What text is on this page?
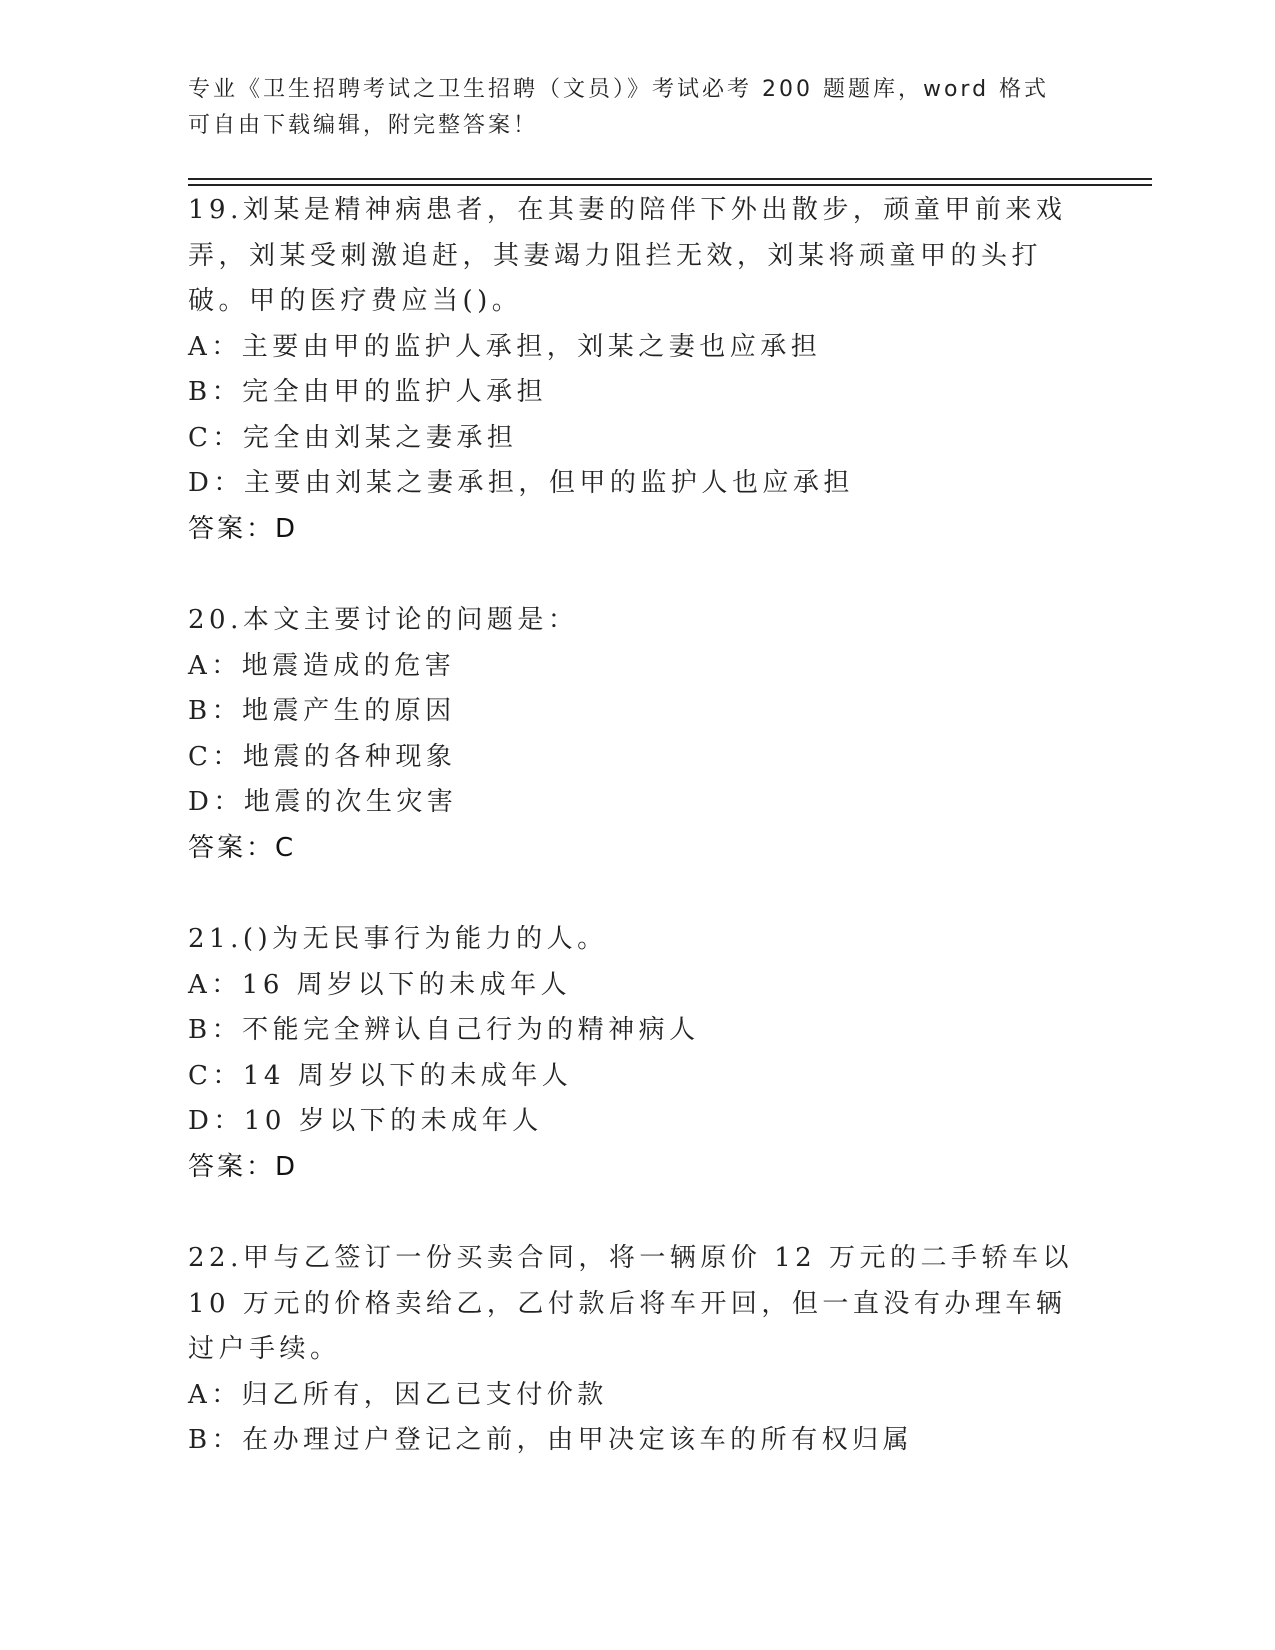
专业《卫生招聘考试之卫生招聘（文员）》考试必考 200 题题库，word 格式可自由下载编辑，附完整答案！

19.刘某是精神病患者，在其妻的陪伴下外出散步，顽童甲前来戏弄，刘某受刺激追赶，其妻竭力阻拦无效，刘某将顽童甲的头打破。甲的医疗费应当()。

A：主要由甲的监护人承担，刘某之妻也应承担

B：完全由甲的监护人承担

C：完全由刘某之妻承担

D：主要由刘某之妻承担，但甲的监护人也应承担

答案：D

20.本文主要讨论的问题是：

A：地震造成的危害

B：地震产生的原因

C：地震的各种现象

D：地震的次生灾害

答案：C

21.()为无民事行为能力的人。

A：16 周岁以下的未成年人

B：不能完全辨认自己行为的精神病人

C：14 周岁以下的未成年人

D：10 岁以下的未成年人

答案：D

22.甲与乙签订一份买卖合同，将一辆原价 12 万元的二手轿车以 10 万元的价格卖给乙，乙付款后将车开回，但一直没有办理车辆过户手续。

A：归乙所有，因乙已支付价款

B：在办理过户登记之前，由甲决定该车的所有权归属
